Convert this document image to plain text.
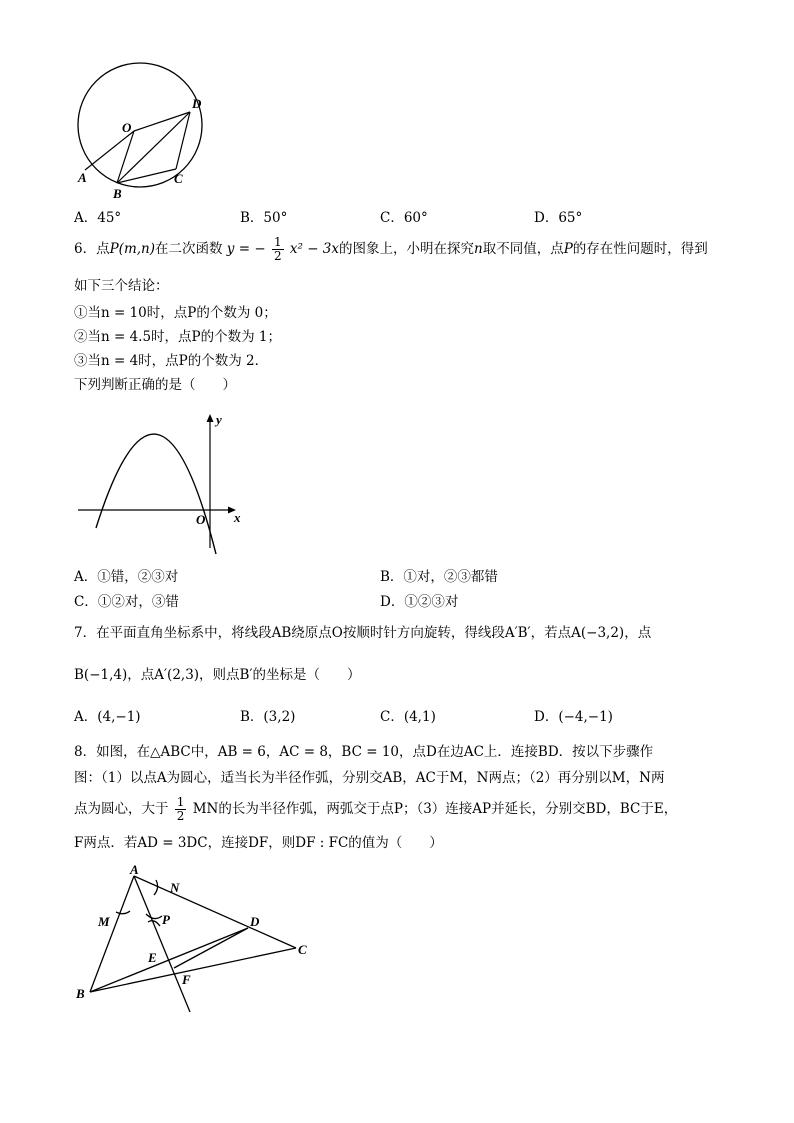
O
D
A
B
C
A．45°	B．50°	C．60°	D．65°
6．点P(m,n)在二次函数 y = − $\frac{1}{2} x^2 - 3x$的图象上，小明在探究n取不同值，点P的存在性问题时，得到
如下三个结论：
①当n = 10时，点P的个数为 0；
②当n = 4.5时，点P的个数为 1；
③当n = 4时，点P的个数为 2．
下列判断正确的是（　　）
y
O x
A．①错，②③对	B．①对，②③都错
C．①②对，③错	D．①②③对
7．在平面直角坐标系中，将线段AB绕原点O按顺时针方向旋转，得线段A′B′，若点A(−3,2)，点
B(−1,4)，点A′(2,3)，则点B′的坐标是（　　）
A．(4,−1)	B．(3,2)	C．(4,1)	D．(−4,−1)
8．如图，在△ABC中，AB = 6，AC = 8，BC = 10，点D在边AC上．连接BD．按以下步骤作
图：（1）以点A为圆心，适当长为半径作弧，分别交AB，AC于M，N两点；（2）再分别以M，N两
点为圆心，大于 $\frac{1}{2}$ MN的长为半径作弧，两弧交于点P；（3）连接AP并延长，分别交BD，BC于E，
F两点．若AD = 3DC，连接DF，则DF : FC的值为（　　）
A
N
M	P	D
E
C
F
B
